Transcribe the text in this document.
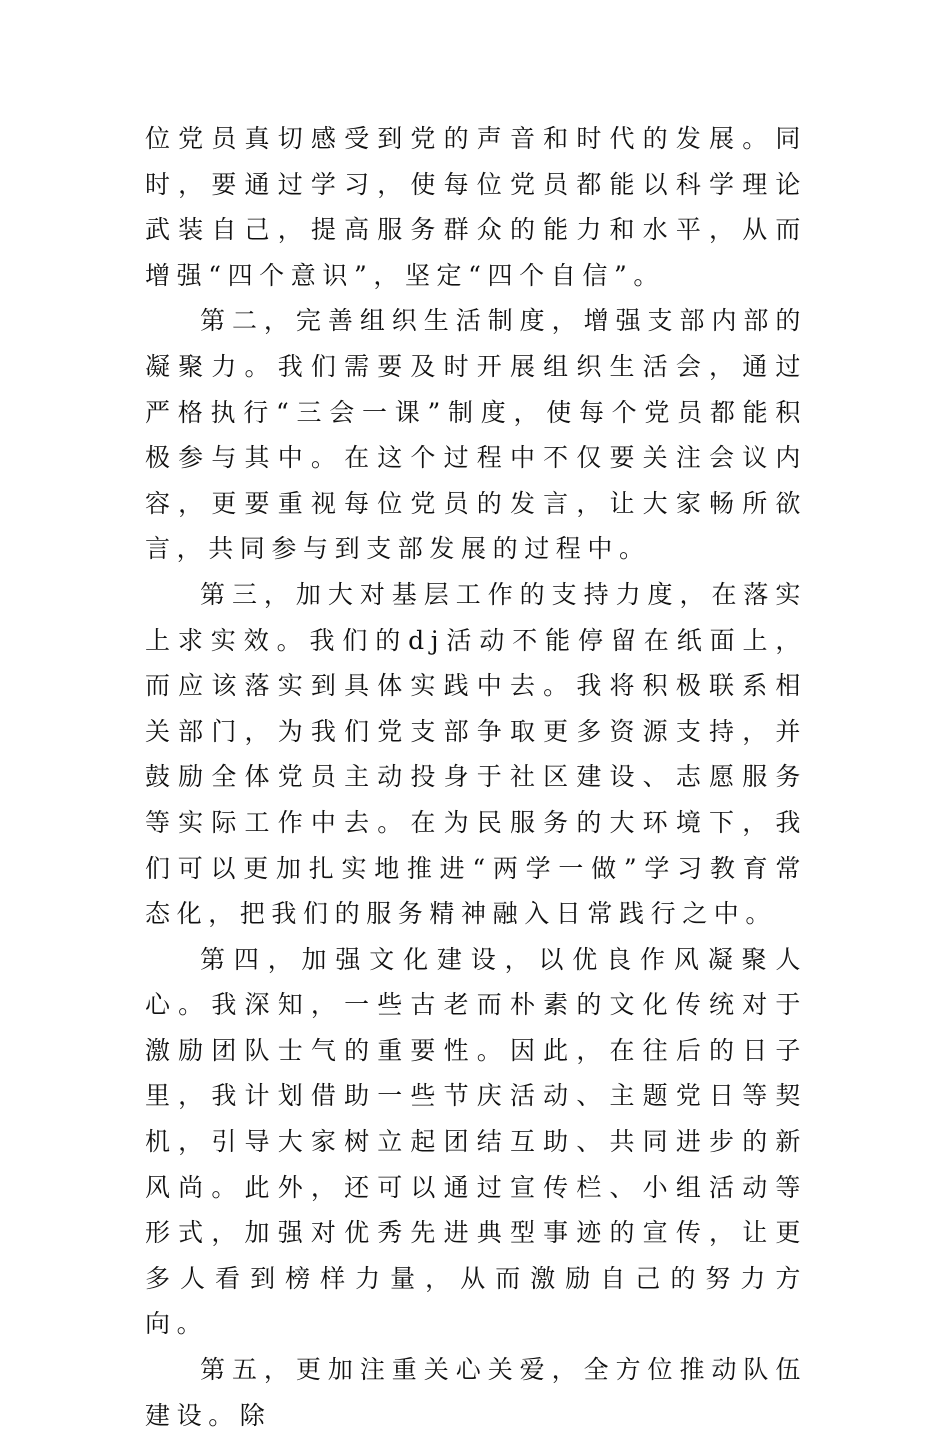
位党员真切感受到党的声音和时代的发展。同时，要通过学习，使每位党员都能以科学理论武装自己，提高服务群众的能力和水平，从而增强“四个意识”，坚定“四个自信”。

第二，完善组织生活制度，增强支部内部的凝聚力。我们需要及时开展组织生活会，通过严格执行“三会一课”制度，使每个党员都能积极参与其中。在这个过程中不仅要关注会议内容，更要重视每位党员的发言，让大家畅所欲言，共同参与到支部发展的过程中。

第三，加大对基层工作的支持力度，在落实上求实效。我们的dj活动不能停留在纸面上，而应该落实到具体实践中去。我将积极联系相关部门，为我们党支部争取更多资源支持，并鼓励全体党员主动投身于社区建设、志愿服务等实际工作中去。在为民服务的大环境下，我们可以更加扎实地推进“两学一做”学习教育常态化，把我们的服务精神融入日常践行之中。

第四，加强文化建设，以优良作风凝聚人心。我深知，一些古老而朴素的文化传统对于激励团队士气的重要性。因此，在往后的日子里，我计划借助一些节庆活动、主题党日等契机，引导大家树立起团结互助、共同进步的新风尚。此外，还可以通过宣传栏、小组活动等形式，加强对优秀先进典型事迹的宣传，让更多人看到榜样力量，从而激励自己的努力方向。

第五，更加注重关心关爱，全方位推动队伍建设。除
